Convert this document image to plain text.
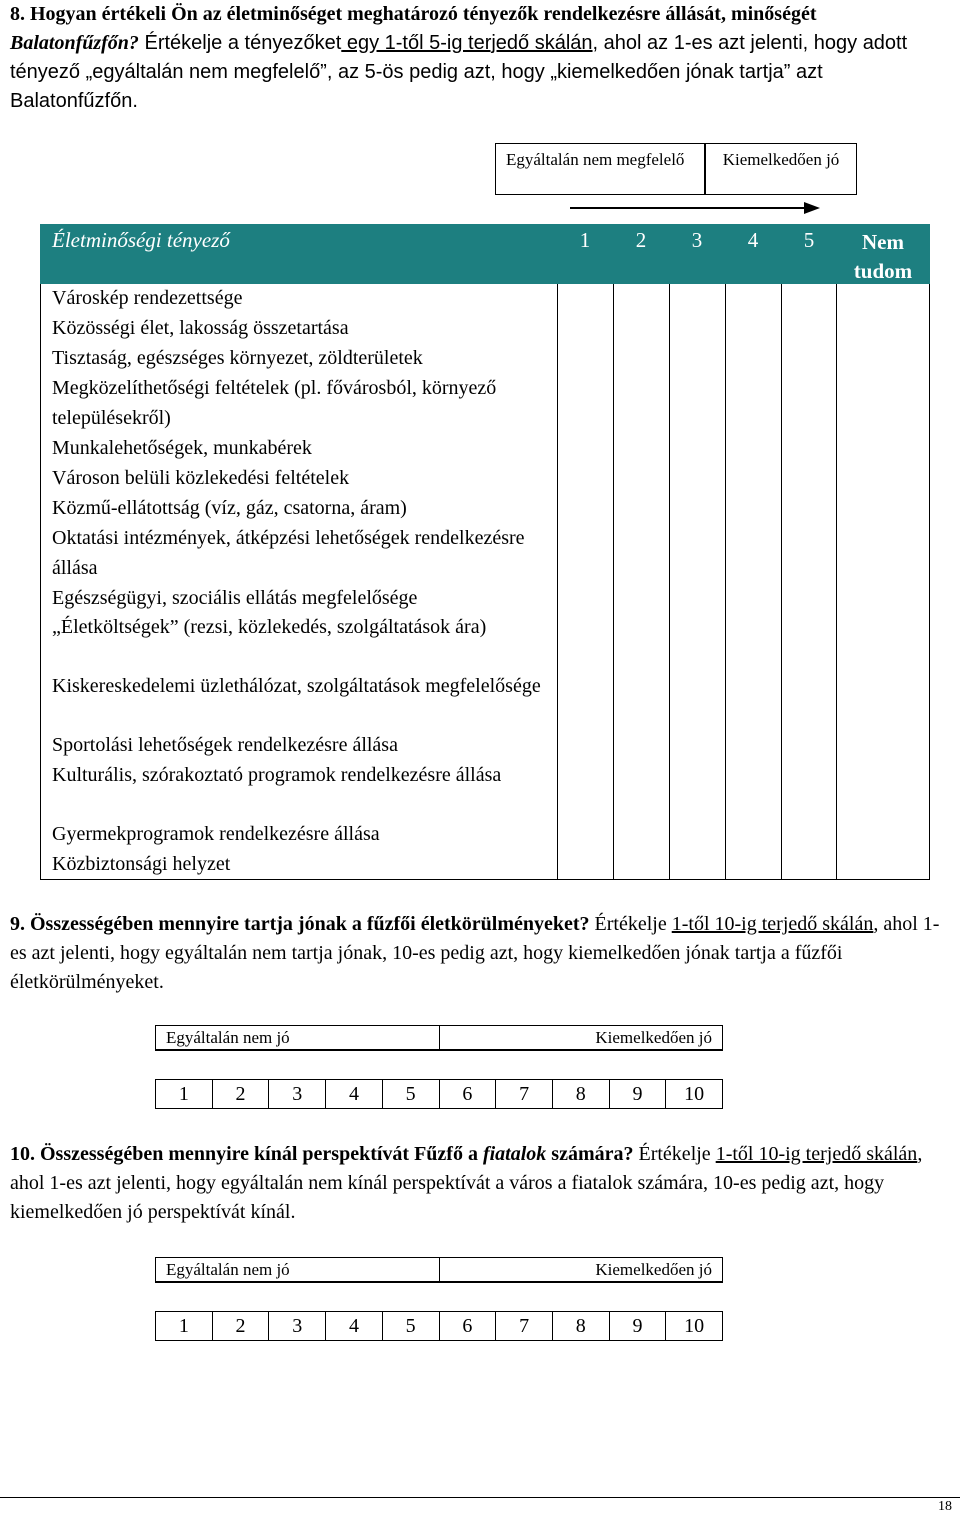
8. Hogyan értékeli Ön az életminőséget meghatározó tényezők rendelkezésre állását, minőségét Balatonfűzfőn? Értékelje a tényezőket egy 1-től 5-ig terjedő skálán, ahol az 1-es azt jelenti, hogy adott tényező „egyáltalán nem megfelelő”, az 5-ös pedig azt, hogy „kiemelkedően jónak tartja” azt Balatonfűzfőn.
Egyáltalán nem megfelelő	Kiemelkedően jó
Életminőségi tényező	1	2	3	4	5	Nem tudom
Városkép rendezettsége
Közösségi élet, lakosság összetartása
Tisztaság, egészséges környezet, zöldterületek
Megközelíthetőségi feltételek (pl. fővárosból, környező településekről)
Munkalehetőségek, munkabérek
Városon belüli közlekedési feltételek
Közmű-ellátottság (víz, gáz, csatorna, áram)
Oktatási intézmények, átképzési lehetőségek rendelkezésre állása
Egészségügyi, szociális ellátás megfelelősége
„Életköltségek” (rezsi, közlekedés, szolgáltatások ára)
Kiskereskedelemi üzlethálózat, szolgáltatások megfelelősége
Sportolási lehetőségek rendelkezésre állása
Kulturális, szórakoztató programok rendelkezésre állása
Gyermekprogramok rendelkezésre állása
Közbiztonsági helyzet
9. Összességében mennyire tartja jónak a fűzfői életkörülményeket? Értékelje 1-től 10-ig terjedő skálán, ahol 1-es azt jelenti, hogy egyáltalán nem tartja jónak, 10-es pedig azt, hogy kiemelkedően jónak tartja a fűzfői életkörülményeket.
Egyáltalán nem jó	Kiemelkedően jó
1	2	3	4	5	6	7	8	9	10
10. Összességében mennyire kínál perspektívát Fűzfő a fiatalok számára? Értékelje 1-től 10-ig terjedő skálán, ahol 1-es azt jelenti, hogy egyáltalán nem kínál perspektívát a város a fiatalok számára, 10-es pedig azt, hogy kiemelkedően jó perspektívát kínál.
Egyáltalán nem jó	Kiemelkedően jó
1	2	3	4	5	6	7	8	9	10
18
